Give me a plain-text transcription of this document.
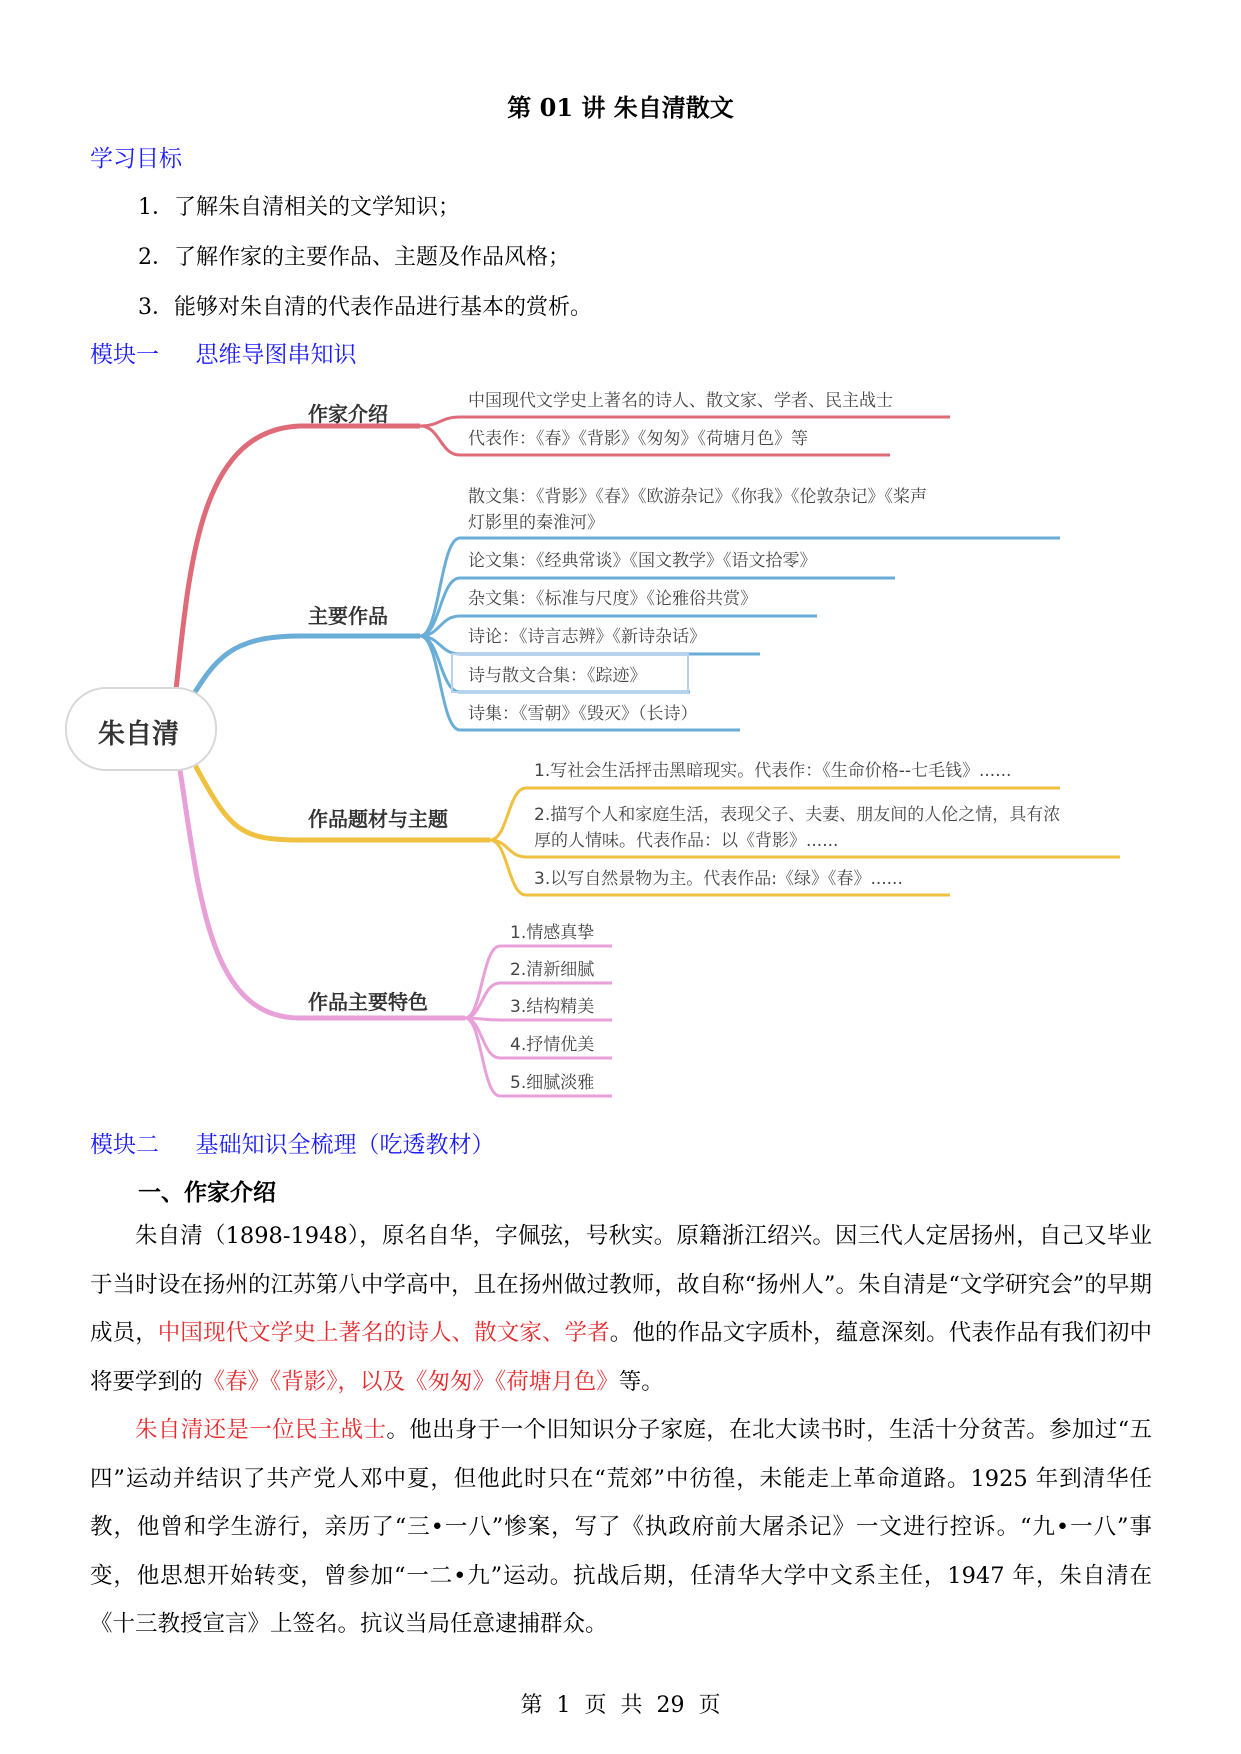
第 01 讲 朱自清散文
学习目标
1．了解朱自清相关的文学知识；
2．了解作家的主要作品、主题及作品风格；
3．能够对朱自清的代表作品进行基本的赏析。
模块一     思维导图串知识
朱自清
作家介绍
主要作品
作品题材与主题
作品主要特色
中国现代文学史上著名的诗人、散文家、学者、民主战士
代表作：《春》《背影》《匆匆》《荷塘月色》等
散文集：《背影》《春》《欧游杂记》《你我》《伦敦杂记》《桨声
灯影里的秦淮河》
论文集：《经典常谈》《国文教学》《语文拾零》
杂文集：《标准与尺度》《论雅俗共赏》
诗论：《诗言志辨》《新诗杂话》
诗与散文合集：《踪迹》
诗集：《雪朝》《毁灭》（长诗）
1.写社会生活抨击黑暗现实。代表作：《生命价格--七毛钱》......
2.描写个人和家庭生活，表现父子、夫妻、朋友间的人伦之情，具有浓
厚的人情味。代表作品：以《背影》......
3.以写自然景物为主。代表作品:《绿》《春》......
1.情感真挚
2.清新细腻
3.结构精美
4.抒情优美
5.细腻淡雅
模块二     基础知识全梳理（吃透教材）
一、作家介绍
朱自清（1898-1948），原名自华，字佩弦，号秋实。原籍浙江绍兴。因三代人定居扬州，自己又毕业于当时设在扬州的江苏第八中学高中，且在扬州做过教师，故自称“扬州人”。朱自清是“文学研究会”的早期成员，中国现代文学史上著名的诗人、散文家、学者。他的作品文字质朴，蕴意深刻。代表作品有我们初中将要学到的《春》《背影》，以及《匆匆》《荷塘月色》等。
朱自清还是一位民主战士。他出身于一个旧知识分子家庭，在北大读书时，生活十分贫苦。参加过“五四”运动并结识了共产党人邓中夏，但他此时只在“荒郊”中彷徨，未能走上革命道路。1925 年到清华任教，他曾和学生游行，亲历了“三•一八”惨案，写了《执政府前大屠杀记》一文进行控诉。“九•一八”事变，他思想开始转变，曾参加“一二•九”运动。抗战后期，任清华大学中文系主任，1947 年，朱自清在《十三教授宣言》上签名。抗议当局任意逮捕群众。
第  1  页  共  29  页
